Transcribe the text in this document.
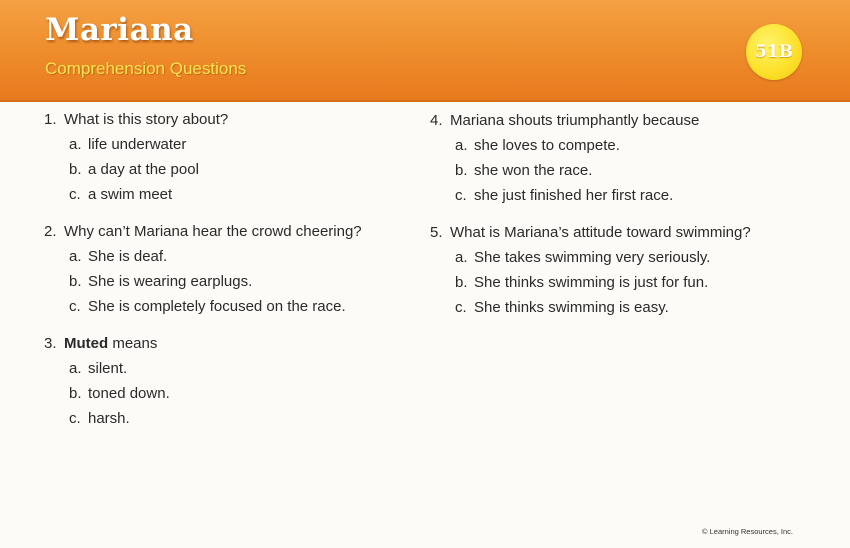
Mariana

Comprehension Questions

51B
1. What is this story about?
a. life underwater
b. a day at the pool
c. a swim meet
2. Why can’t Mariana hear the crowd cheering?
a. She is deaf.
b. She is wearing earplugs.
c. She is completely focused on the race.
3. Muted means
a. silent.
b. toned down.
c. harsh.
4. Mariana shouts triumphantly because
a. she loves to compete.
b. she won the race.
c. she just finished her first race.
5. What is Mariana’s attitude toward swimming?
a. She takes swimming very seriously.
b. She thinks swimming is just for fun.
c. She thinks swimming is easy.
© Learning Resources, Inc.
